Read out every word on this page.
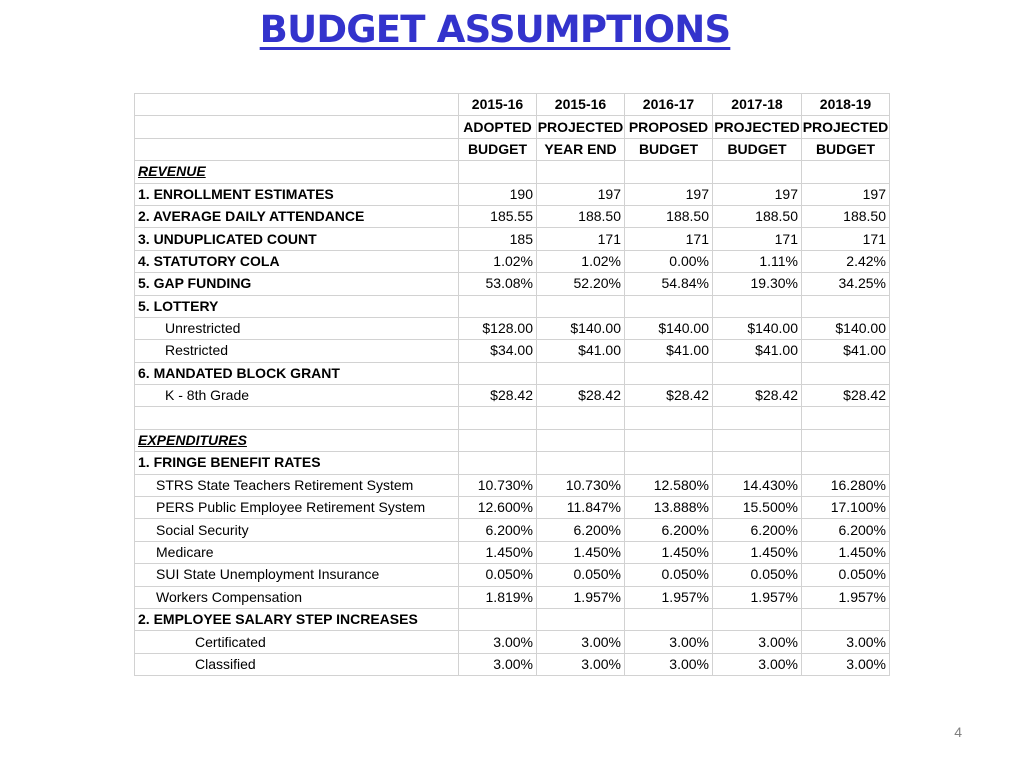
BUDGET ASSUMPTIONS
	2015-16	2015-16	2016-17	2017-18	2018-19
	ADOPTED	PROJECTED	PROPOSED	PROJECTED	PROJECTED
	BUDGET	YEAR END	BUDGET	BUDGET	BUDGET
REVENUE					
1. ENROLLMENT ESTIMATES	190	197	197	197	197
2. AVERAGE DAILY ATTENDANCE	185.55	188.50	188.50	188.50	188.50
3. UNDUPLICATED COUNT	185	171	171	171	171
4. STATUTORY COLA	1.02%	1.02%	0.00%	1.11%	2.42%
5. GAP FUNDING	53.08%	52.20%	54.84%	19.30%	34.25%
5. LOTTERY					
Unrestricted	$128.00	$140.00	$140.00	$140.00	$140.00
Restricted	$34.00	$41.00	$41.00	$41.00	$41.00
6. MANDATED BLOCK GRANT					
K - 8th Grade	$28.42	$28.42	$28.42	$28.42	$28.42

EXPENDITURES					
1. FRINGE BENEFIT RATES					
STRS State Teachers Retirement System	10.730%	10.730%	12.580%	14.430%	16.280%
PERS Public Employee Retirement System	12.600%	11.847%	13.888%	15.500%	17.100%
Social Security	6.200%	6.200%	6.200%	6.200%	6.200%
Medicare	1.450%	1.450%	1.450%	1.450%	1.450%
SUI State Unemployment Insurance	0.050%	0.050%	0.050%	0.050%	0.050%
Workers Compensation	1.819%	1.957%	1.957%	1.957%	1.957%
2. EMPLOYEE SALARY STEP INCREASES					
Certificated	3.00%	3.00%	3.00%	3.00%	3.00%
Classified	3.00%	3.00%	3.00%	3.00%	3.00%
4
